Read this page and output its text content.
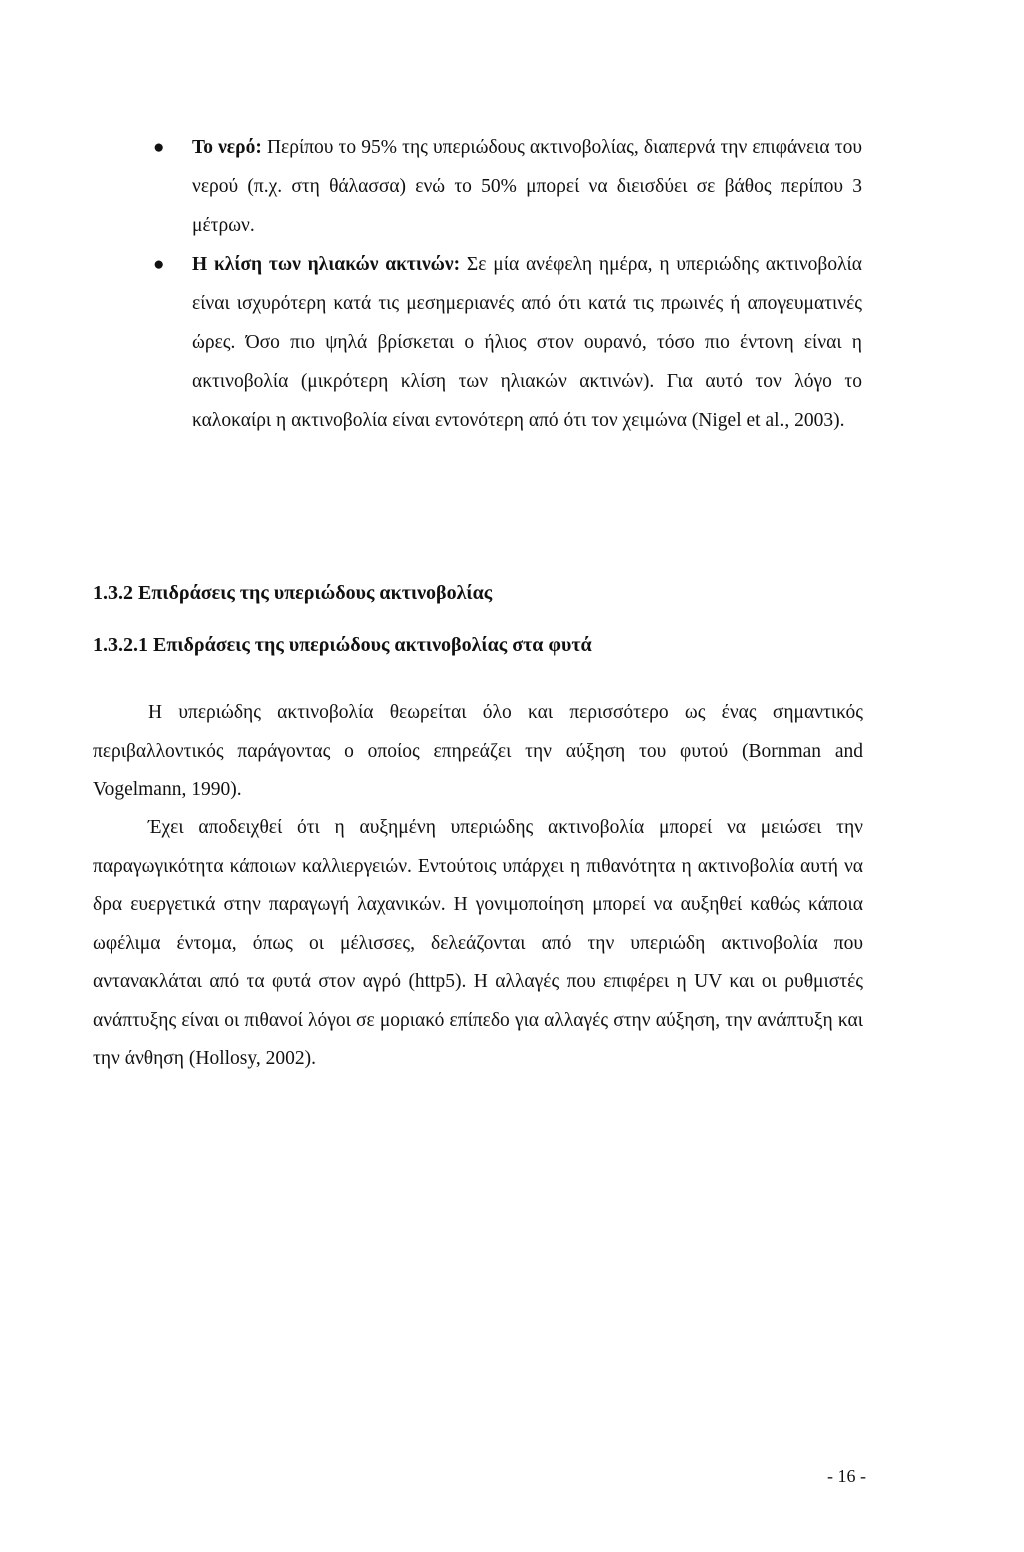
● Το νερό: Περίπου το 95% της υπεριώδους ακτινοβολίας, διαπερνά την επιφάνεια του νερού (π.χ. στη θάλασσα) ενώ το 50% μπορεί να διεισδύει σε βάθος περίπου 3 μέτρων.
● Η κλίση των ηλιακών ακτινών: Σε μία ανέφελη ημέρα, η υπεριώδης ακτινοβολία είναι ισχυρότερη κατά τις μεσημεριανές από ότι κατά τις πρωινές ή απογευματινές ώρες. Όσο πιο ψηλά βρίσκεται ο ήλιος στον ουρανό, τόσο πιο έντονη είναι η ακτινοβολία (μικρότερη κλίση των ηλιακών ακτινών). Για αυτό τον λόγο το καλοκαίρι η ακτινοβολία είναι εντονότερη από ότι τον χειμώνα (Nigel et al., 2003).
1.3.2 Επιδράσεις της υπεριώδους ακτινοβολίας
1.3.2.1 Επιδράσεις της υπεριώδους ακτινοβολίας στα φυτά

Η υπεριώδης ακτινοβολία θεωρείται όλο και περισσότερο ως ένας σημαντικός περιβαλλοντικός παράγοντας ο οποίος επηρεάζει την αύξηση του φυτού (Bornman and Vogelmann, 1990).

Έχει αποδειχθεί ότι η αυξημένη υπεριώδης ακτινοβολία μπορεί να μειώσει την παραγωγικότητα κάποιων καλλιεργειών. Εντούτοις υπάρχει η πιθανότητα η ακτινοβολία αυτή να δρα ευεργετικά στην παραγωγή λαχανικών. Η γονιμοποίηση μπορεί να αυξηθεί καθώς κάποια ωφέλιμα έντομα, όπως οι μέλισσες, δελεάζονται από την υπεριώδη ακτινοβολία που αντανακλάται από τα φυτά στον αγρό (http5). Η αλλαγές που επιφέρει η UV και οι ρυθμιστές ανάπτυξης είναι οι πιθανοί λόγοι σε μοριακό επίπεδο για αλλαγές στην αύξηση, την ανάπτυξη και την άνθηση (Hollosy, 2002).

- 16 -
